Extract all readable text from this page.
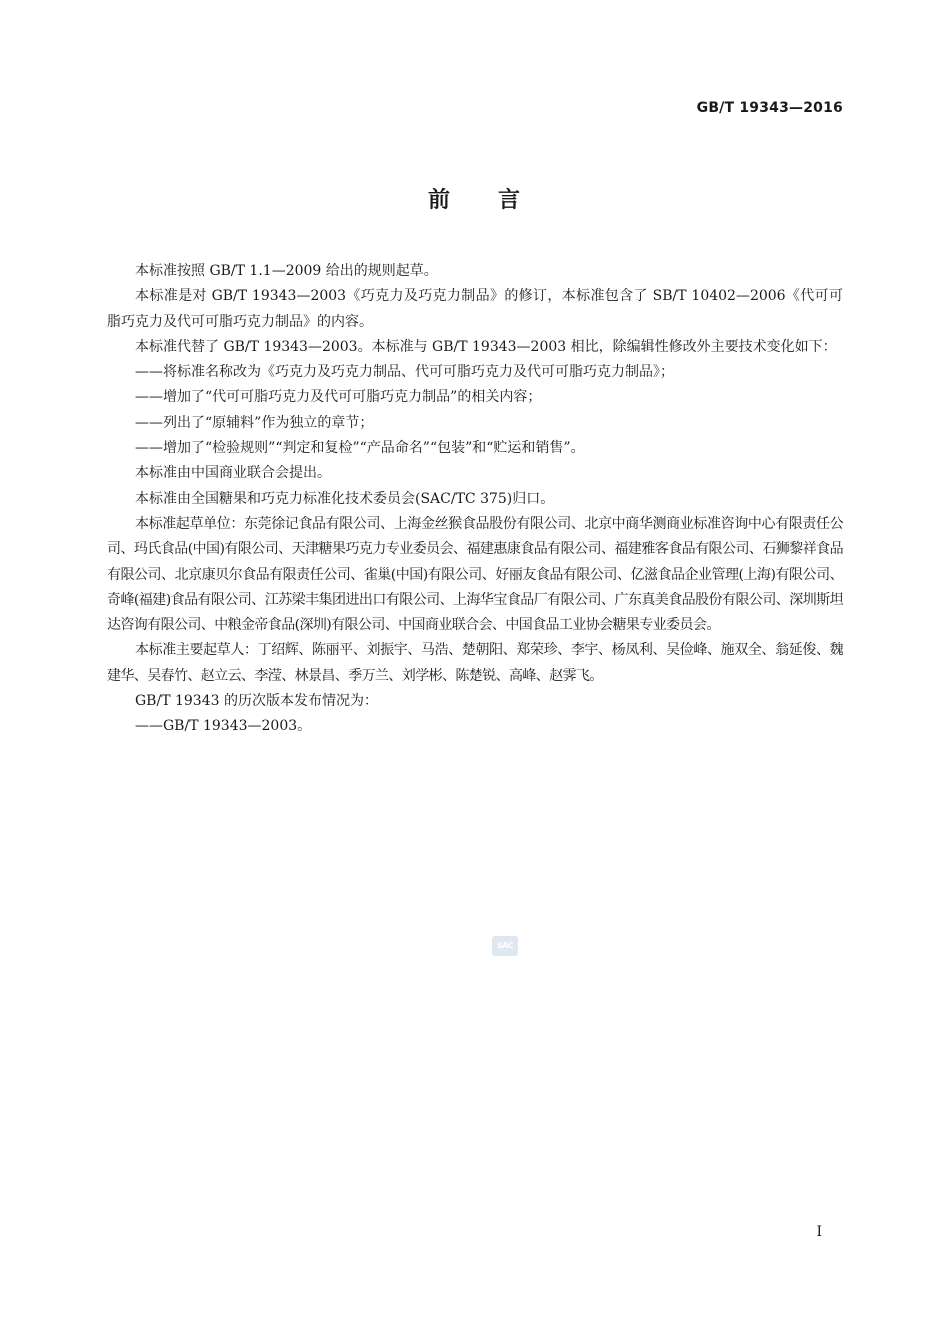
GB/T 19343—2016
前 言

本标准按照 GB/T 1.1—2009 给出的规则起草。

本标准是对 GB/T 19343—2003《巧克力及巧克力制品》的修订，本标准包含了 SB/T 10402—2006《代可可脂巧克力及代可可脂巧克力制品》的内容。

本标准代替了 GB/T 19343—2003。本标准与 GB/T 19343—2003 相比，除编辑性修改外主要技术变化如下：

——将标准名称改为《巧克力及巧克力制品、代可可脂巧克力及代可可脂巧克力制品》；

——增加了“代可可脂巧克力及代可可脂巧克力制品”的相关内容；

——列出了“原辅料”作为独立的章节；

——增加了“检验规则”“判定和复检”“产品命名”“包装”和“贮运和销售”。

本标准由中国商业联合会提出。

本标准由全国糖果和巧克力标准化技术委员会(SAC/TC 375)归口。

本标准起草单位：东莞徐记食品有限公司、上海金丝猴食品股份有限公司、北京中商华测商业标准咨询中心有限责任公司、玛氏食品(中国)有限公司、天津糖果巧克力专业委员会、福建惠康食品有限公司、福建雅客食品有限公司、石狮黎祥食品有限公司、北京康贝尔食品有限责任公司、雀巢(中国)有限公司、好丽友食品有限公司、亿滋食品企业管理(上海)有限公司、奇峰(福建)食品有限公司、江苏梁丰集团进出口有限公司、上海华宝食品厂有限公司、广东真美食品股份有限公司、深圳斯坦达咨询有限公司、中粮金帝食品(深圳)有限公司、中国商业联合会、中国食品工业协会糖果专业委员会。

本标准主要起草人：丁绍辉、陈丽平、刘振宇、马浩、楚朝阳、郑荣珍、李宇、杨凤利、吴俭峰、施双全、翁延俊、魏建华、吴春竹、赵立云、李滢、林景昌、季万兰、刘学彬、陈楚锐、高峰、赵霁飞。

GB/T 19343 的历次版本发布情况为：

——GB/T 19343—2003。

SAC
I
